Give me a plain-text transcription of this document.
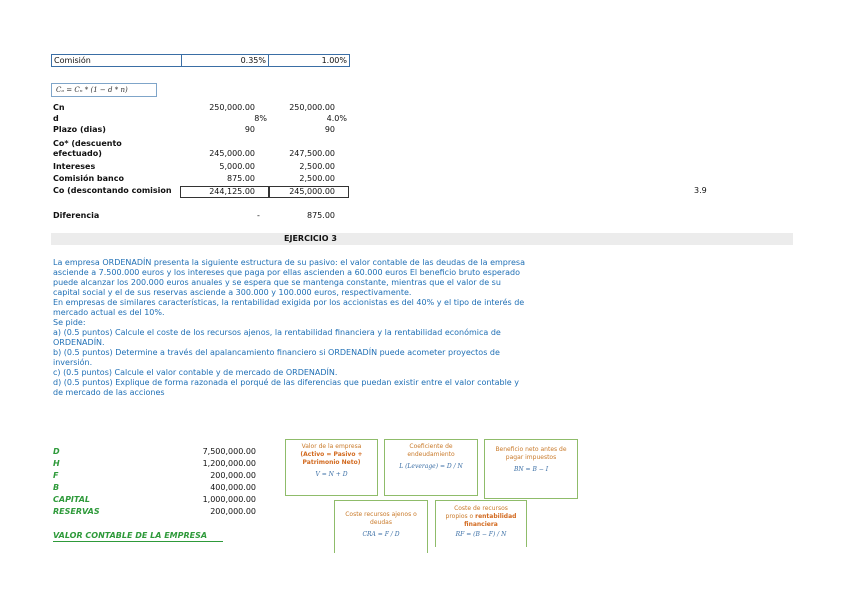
Comisión	0.35%	1.00%
Cₒ = Cₙ * (1 − d * n)
Cn	250,000.00	250,000.00
d	8%	4.0%
Plazo (dias)	90	90
Co* (descuento
efectuado)	245,000.00	247,500.00
Intereses	5,000.00	2,500.00
Comisión banco	875.00	2,500.00
Co (descontando comision	244,125.00	245,000.00	3.9
Diferencia	-	875.00
EJERCICIO 3
La empresa ORDENADÍN presenta la siguiente estructura de su pasivo: el valor contable de las deudas de la empresa
asciende a 7.500.000 euros y los intereses que paga por ellas ascienden a 60.000 euros El beneficio bruto esperado
puede alcanzar los 200.000 euros anuales y se espera que se mantenga constante, mientras que el valor de su
capital social y el de sus reservas asciende a 300.000 y 100.000 euros, respectivamente.
En empresas de similares características, la rentabilidad exigida por los accionistas es del 40% y el tipo de interés de
mercado actual es del 10%.
Se pide:
a) (0.5 puntos) Calcule el coste de los recursos ajenos, la rentabilidad financiera y la rentabilidad económica de
ORDENADÍN.
b) (0.5 puntos) Determine a través del apalancamiento financiero si ORDENADÍN puede acometer proyectos de
inversión.
c) (0.5 puntos) Calcule el valor contable y de mercado de ORDENADÍN.
d) (0.5 puntos) Explique de forma razonada el porqué de las diferencias que puedan existir entre el valor contable y
de mercado de las acciones
D	7,500,000.00
H	1,200,000.00
F	200,000.00
B	400,000.00
CAPITAL	1,000,000.00
RESERVAS	200,000.00
VALOR CONTABLE DE LA EMPRESA
Valor de la empresa
(Activo = Pasivo +
Patrimonio Neto)
V = N + D
Coeficiente de
endeudamiento
L (Leverage) = D / N
Beneficio neto antes de
pagar impuestos
BN = B − I
Coste recursos ajenos o
deudas
CRA = F / D
Coste de recursos
propios o rentabilidad
financiera
RF = (B − F) / N
